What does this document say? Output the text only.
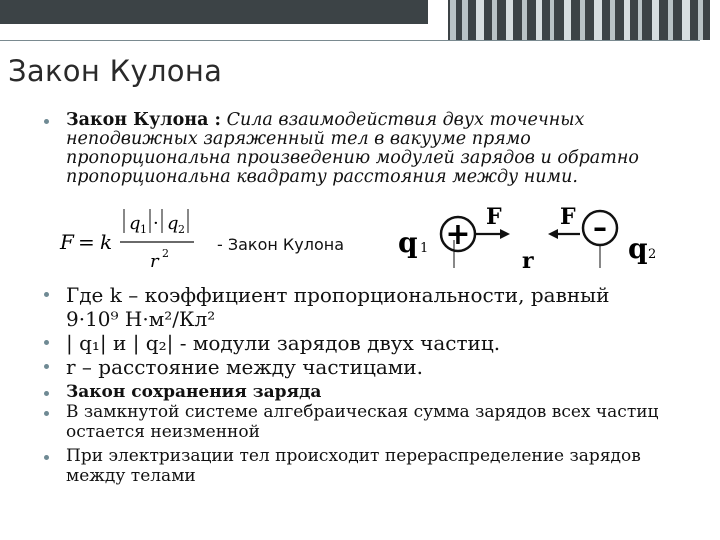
Закон Кулона
Закон Кулона : Сила взаимодействия двух точечных неподвижных заряженный тел в вакууме прямо пропорциональна произведению модулей зарядов и обратно пропорциональна квадрату расстояния между ними.
F = k
q 1 · q 2
r 2	- Закон Кулона q 1 + F
r
F –
q 2
Где k – коэффициент пропорциональности, равный
9·10⁹ Н·м²/Кл²
| q₁| и | q₂| - модули зарядов двух частиц.
r – расстояние между частицами.
Закон сохранения заряда
В замкнутой системе алгебраическая сумма зарядов всех частиц остается неизменной
При электризации тел происходит перераспределение зарядов между телами
